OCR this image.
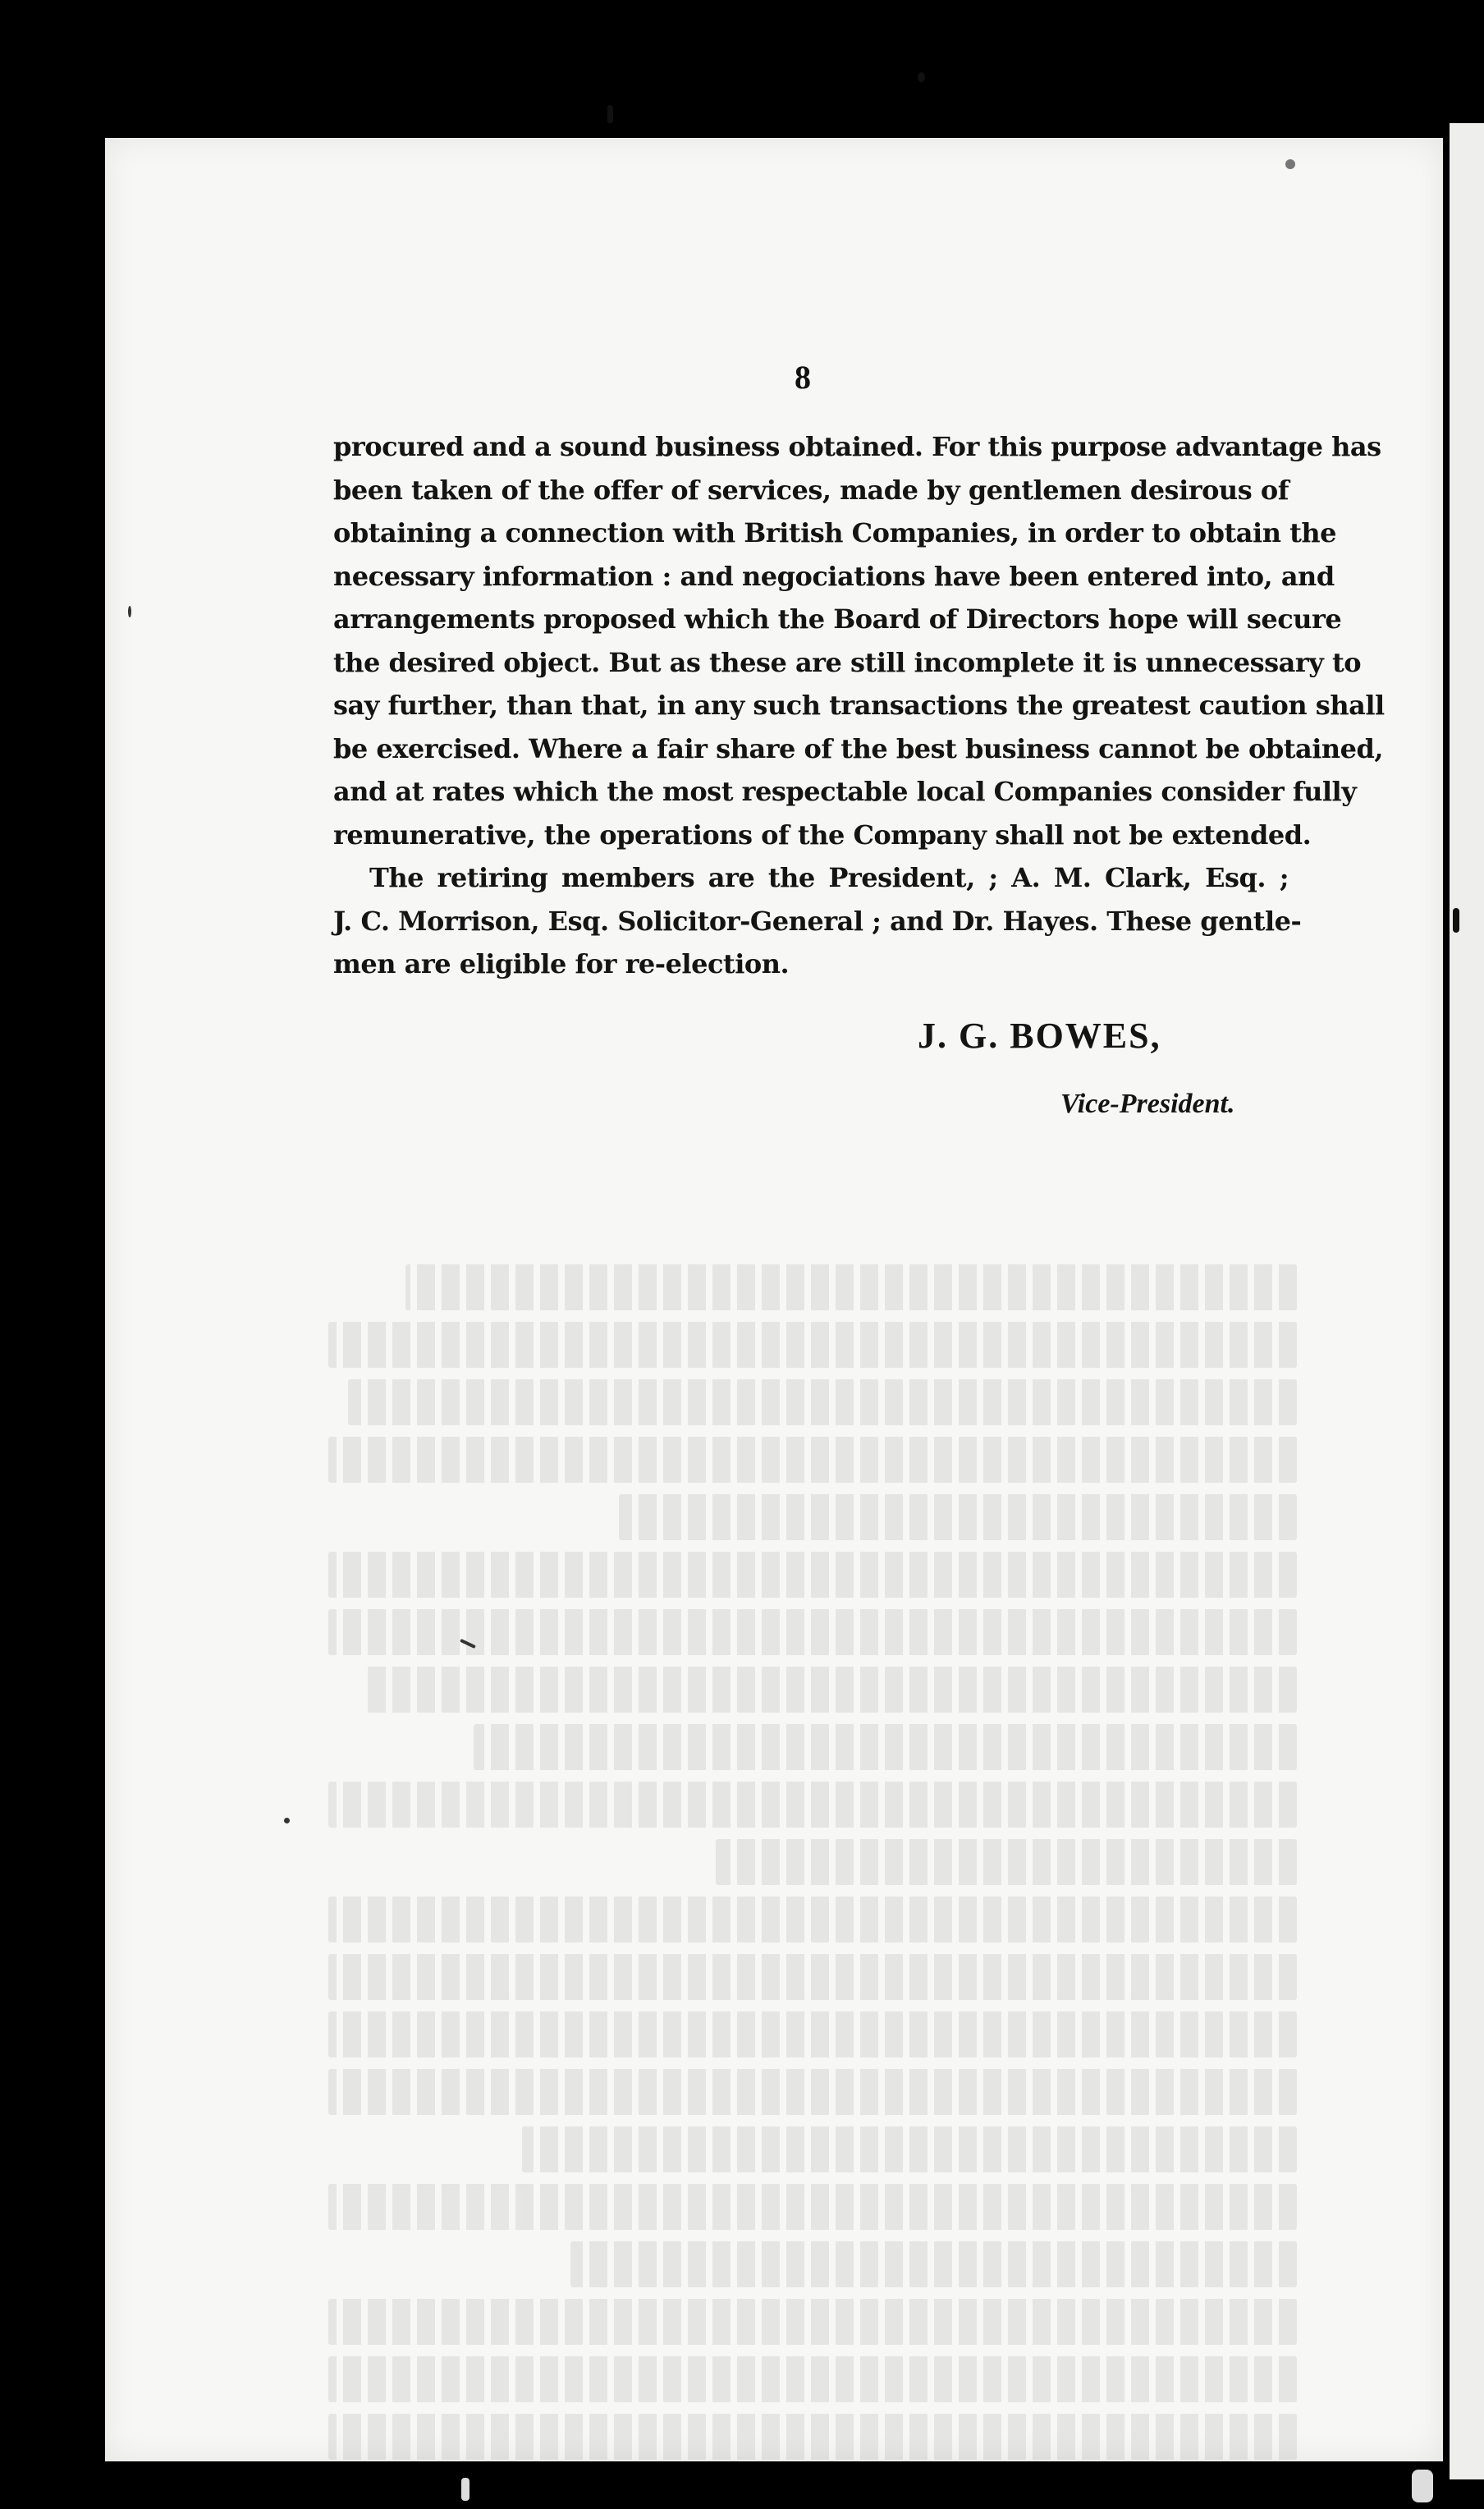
8
procured and a sound business obtained. For this purpose advantage has
been taken of the offer of services, made by gentlemen desirous of
obtaining a connection with British Companies, in order to obtain the
necessary information : and negociations have been entered into, and
arrangements proposed which the Board of Directors hope will secure
the desired object. But as these are still incomplete it is unnecessary to
say further, than that, in any such transactions the greatest caution shall
be exercised. Where a fair share of the best business cannot be obtained,
and at rates which the most respectable local Companies consider fully
remunerative, the operations of the Company shall not be extended.
The retiring members are the President, ; A. M. Clark, Esq. ;
J. C. Morrison, Esq. Solicitor-General ; and Dr. Hayes. These gentle-
men are eligible for re-election.
J. G. BOWES,
Vice-President.
